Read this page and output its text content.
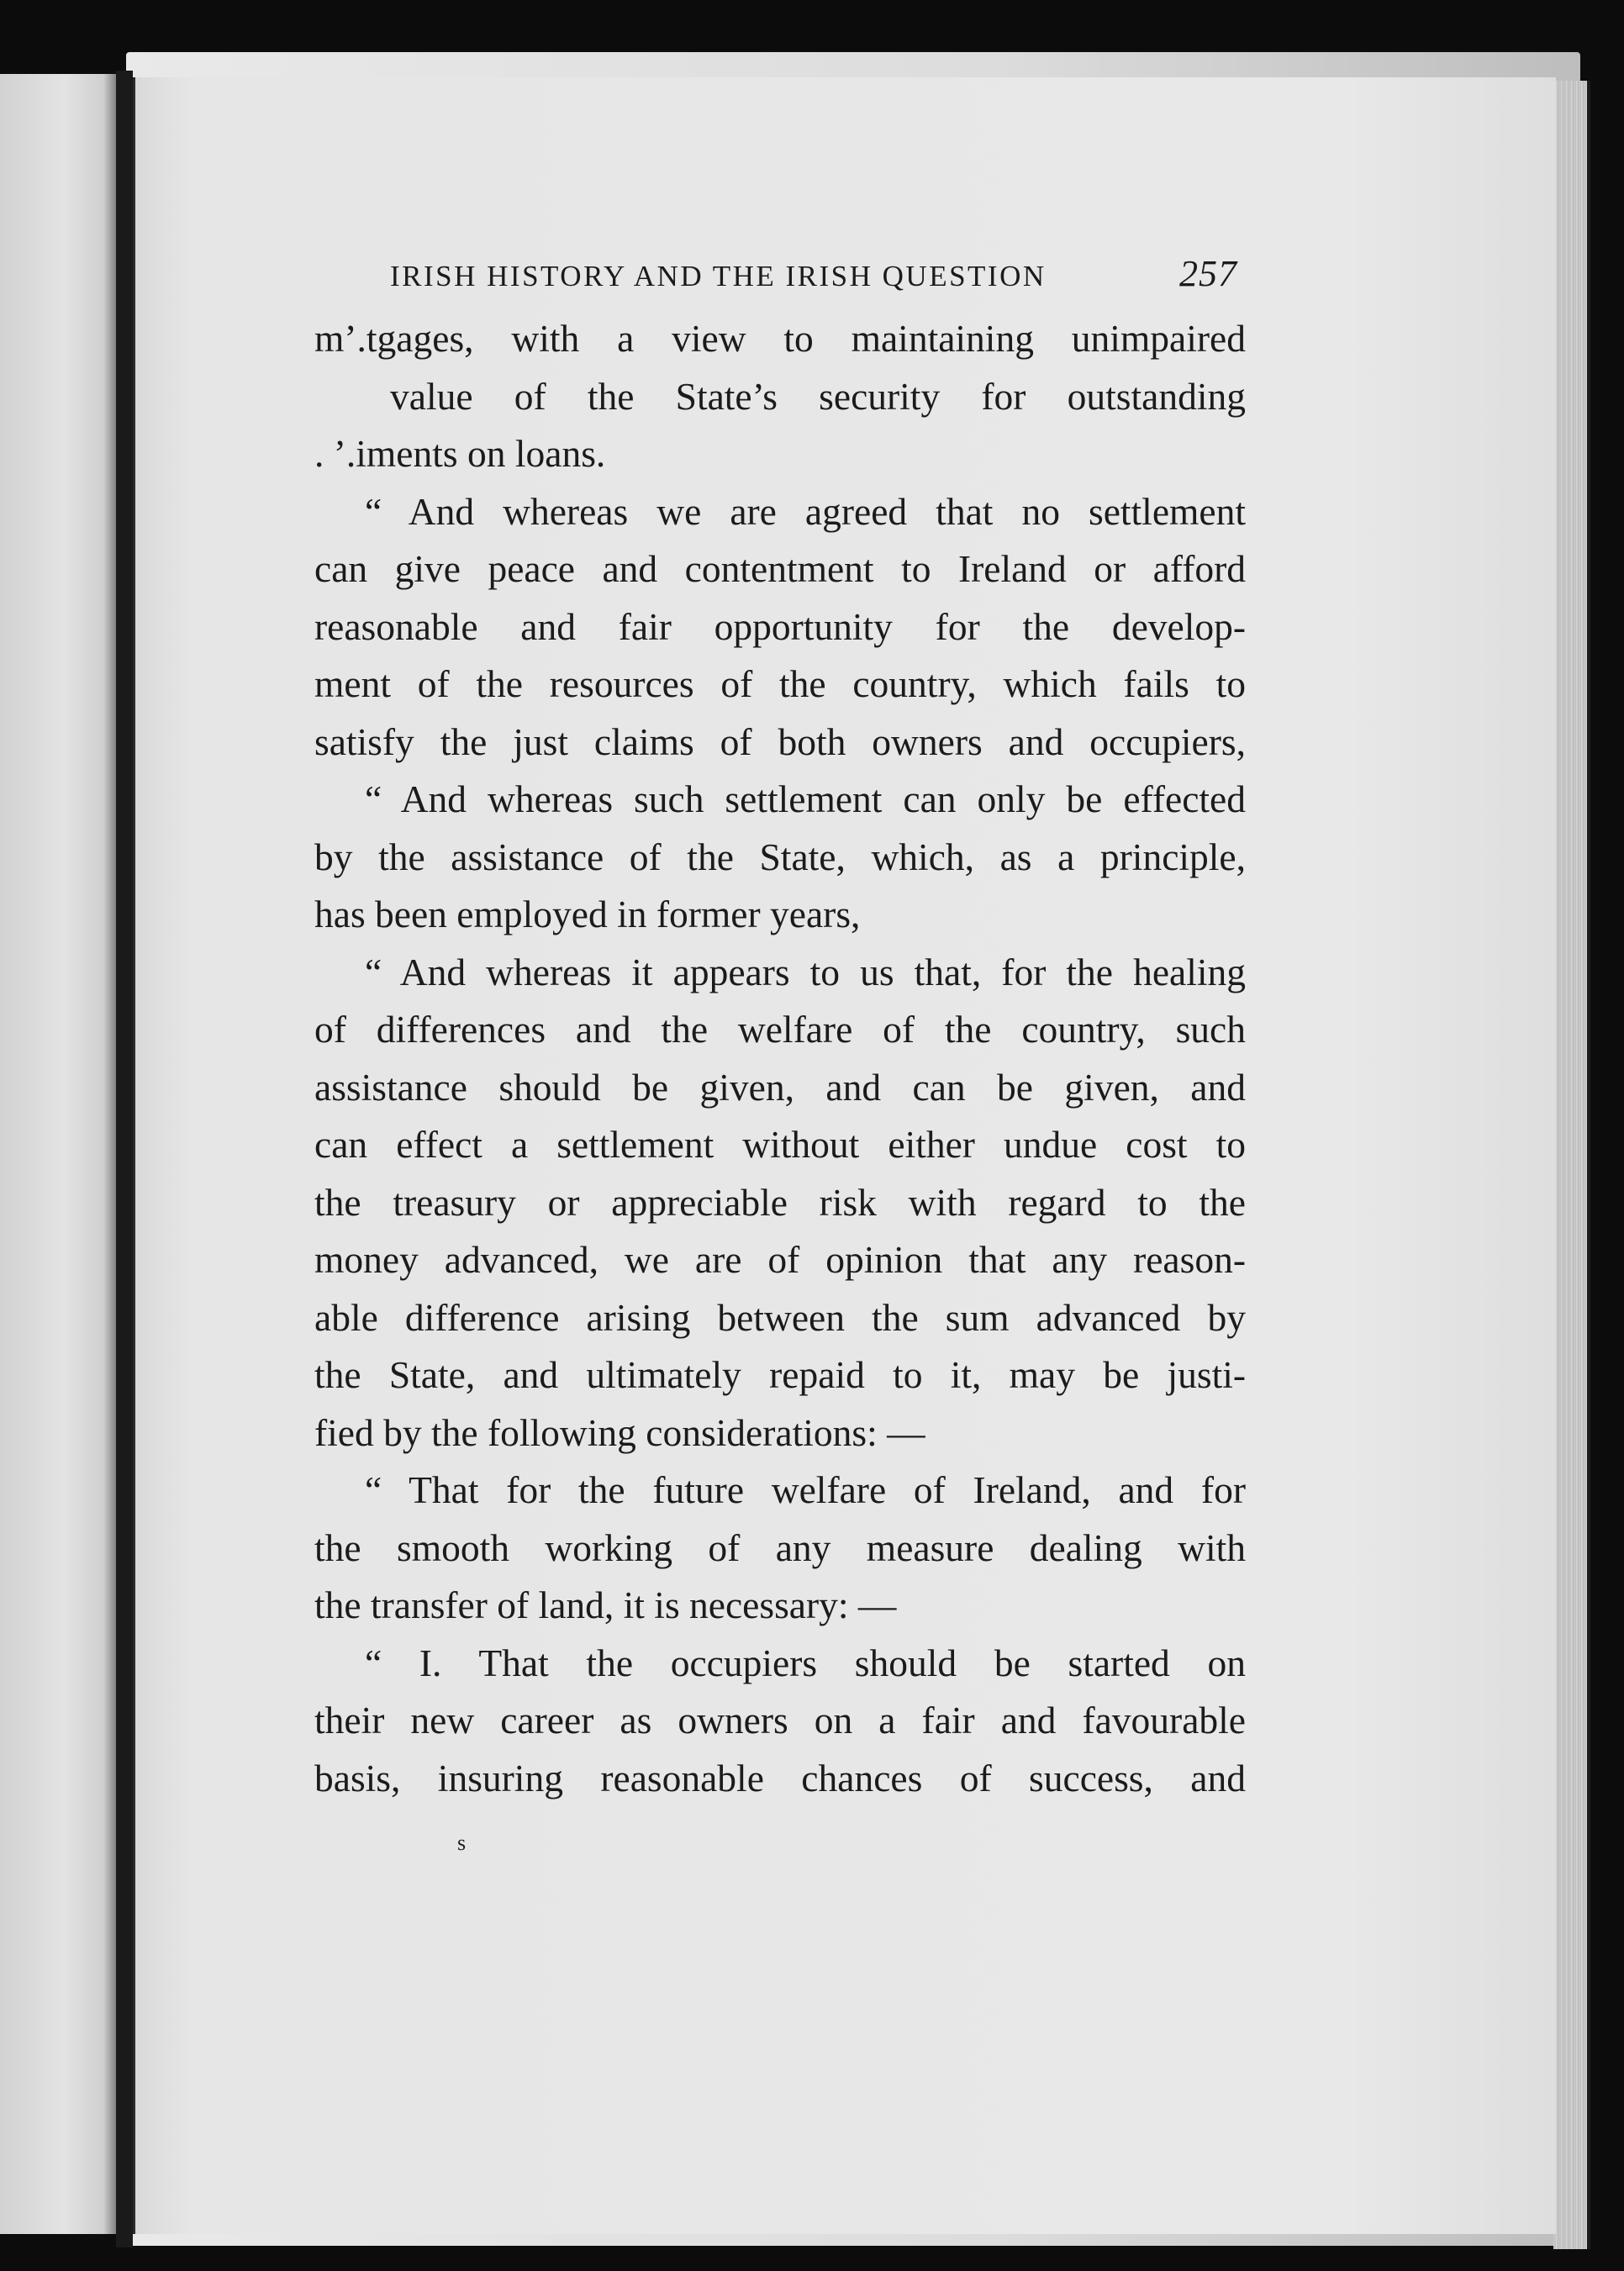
IRISH HISTORY AND THE IRISH QUESTION	257
mʼ.tgages, with a view to maintaining unimpaired
value of the State’s security for outstanding
. ʼ.iments on loans.
“ And whereas we are agreed that no settlement
can give peace and contentment to Ireland or afford
reasonable and fair opportunity for the develop-
ment of the resources of the country, which fails to
satisfy the just claims of both owners and occupiers,
“ And whereas such settlement can only be effected
by the assistance of the State, which, as a principle,
has been employed in former years,
“ And whereas it appears to us that, for the healing
of differences and the welfare of the country, such
assistance should be given, and can be given, and
can effect a settlement without either undue cost to
the treasury or appreciable risk with regard to the
money advanced, we are of opinion that any reason-
able difference arising between the sum advanced by
the State, and ultimately repaid to it, may be justi-
fied by the following considerations: —
“ That for the future welfare of Ireland, and for
the smooth working of any measure dealing with
the transfer of land, it is necessary: —
“ I. That the occupiers should be started on
their new career as owners on a fair and favourable
basis, insuring reasonable chances of success, and
s
